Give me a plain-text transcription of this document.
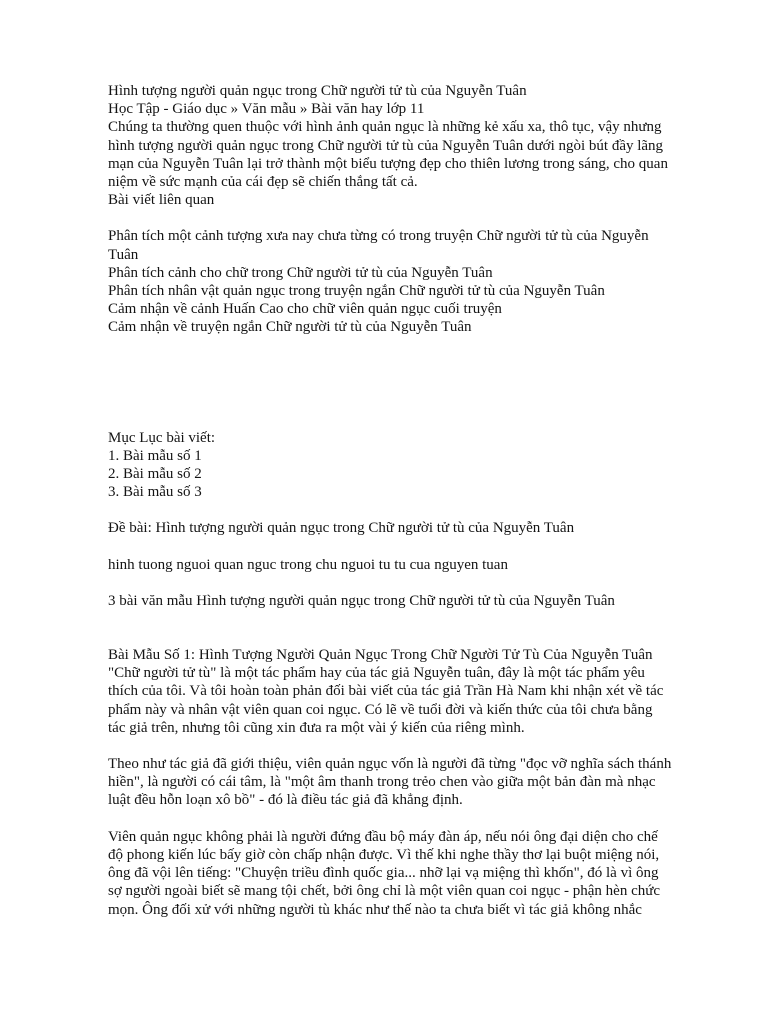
Hình tượng người quản ngục trong Chữ người tử tù của Nguyễn Tuân

Học Tập - Giáo dục » Văn mẫu » Bài văn hay lớp 11

Chúng ta thường quen thuộc với hình ảnh quản ngục là những kẻ xấu xa, thô tục, vậy nhưng hình tượng người quản ngục trong Chữ người tử tù của Nguyễn Tuân dưới ngòi bút đầy lãng mạn của Nguyễn Tuân lại trở thành một biểu tượng đẹp cho thiên lương trong sáng, cho quan niệm về sức mạnh của cái đẹp sẽ chiến thắng tất cả.

Bài viết liên quan

Phân tích một cảnh tượng xưa nay chưa từng có trong truyện Chữ người tử tù của Nguyễn Tuân

Phân tích cảnh cho chữ trong Chữ người tử tù của Nguyễn Tuân

Phân tích nhân vật quản ngục trong truyện ngắn Chữ người tử tù của Nguyễn Tuân

Cảm nhận về cảnh Huấn Cao cho chữ viên quản ngục cuối truyện

Cảm nhận về truyện ngắn Chữ người tử tù của Nguyễn Tuân

Mục Lục bài viết:

1. Bài mẫu số 1

2. Bài mẫu số 2

3. Bài mẫu số 3

Đề bài: Hình tượng người quản ngục trong Chữ người tử tù của Nguyễn Tuân

hinh tuong nguoi quan nguc trong chu nguoi tu tu cua nguyen tuan

3 bài văn mẫu Hình tượng người quản ngục trong Chữ người tử tù của Nguyễn Tuân

Bài Mẫu Số 1: Hình Tượng Người Quản Ngục Trong Chữ Người Tử Tù Của Nguyễn Tuân

"Chữ người tử tù" là một tác phẩm hay của tác giả Nguyễn tuân, đây là một tác phẩm yêu thích của tôi. Và tôi hoàn toàn phản đối bài viết của tác giả Trần Hà Nam khi nhận xét về tác phẩm này và nhân vật viên quan coi ngục. Có lẽ về tuổi đời và kiến thức của tôi chưa bằng tác giả trên, nhưng tôi cũng xin đưa ra một vài ý kiến của riêng mình.

Theo như tác giả đã giới thiệu, viên quản ngục vốn là người đã từng "đọc vỡ nghĩa sách thánh hiền", là người có cái tâm, là "một âm thanh trong trẻo chen vào giữa một bản đàn mà nhạc luật đều hỗn loạn xô bồ" - đó là điều tác giả đã khẳng định.

Viên quản ngục không phải là người đứng đầu bộ máy đàn áp, nếu nói ông đại diện cho chế độ phong kiến lúc bấy giờ còn chấp nhận được. Vì thế khi nghe thầy thơ lại buột miệng nói, ông đã vội lên tiếng: "Chuyện triều đình quốc gia... nhỡ lại vạ miệng thì khốn", đó là vì ông sợ người ngoài biết sẽ mang tội chết, bởi ông chỉ là một viên quan coi ngục - phận hèn chức mọn. Ông đối xử với những người tù khác như thế nào ta chưa biết vì tác giả không nhắc
